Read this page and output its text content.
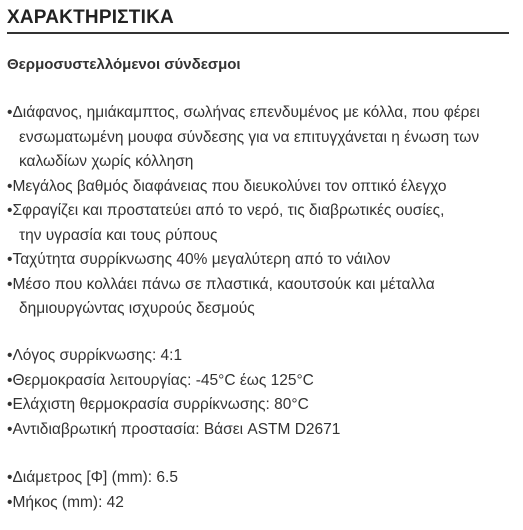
ΧΑΡΑΚΤΗΡΙΣΤΙΚΑ
Θερμοσυστελλόμενοι σύνδεσμοι
•Διάφανος, ημιάκαμπτος, σωλήνας επενδυμένος με κόλλα, που φέρει
ενσωματωμένη μουφα σύνδεσης για να επιτυγχάνεται η ένωση των
καλωδίων χωρίς κόλληση
•Μεγάλος βαθμός διαφάνειας που διευκολύνει τον οπτικό έλεγχο
•Σφραγίζει και προστατεύει από το νερό, τις διαβρωτικές ουσίες,
την υγρασία και τους ρύπους
•Ταχύτητα συρρίκνωσης 40% μεγαλύτερη από το νάιλον
•Μέσο που κολλάει πάνω σε πλαστικά, καουτσούκ και μέταλλα
δημιουργώντας ισχυρούς δεσμούς
•Λόγος συρρίκνωσης: 4:1
•Θερμοκρασία λειτουργίας: -45°C έως 125°C
•Ελάχιστη θερμοκρασία συρρίκνωσης: 80°C
•Αντιδιαβρωτική προστασία: Βάσει ASTM D2671
•Διάμετρος [Φ] (mm): 6.5
•Μήκος (mm): 42
